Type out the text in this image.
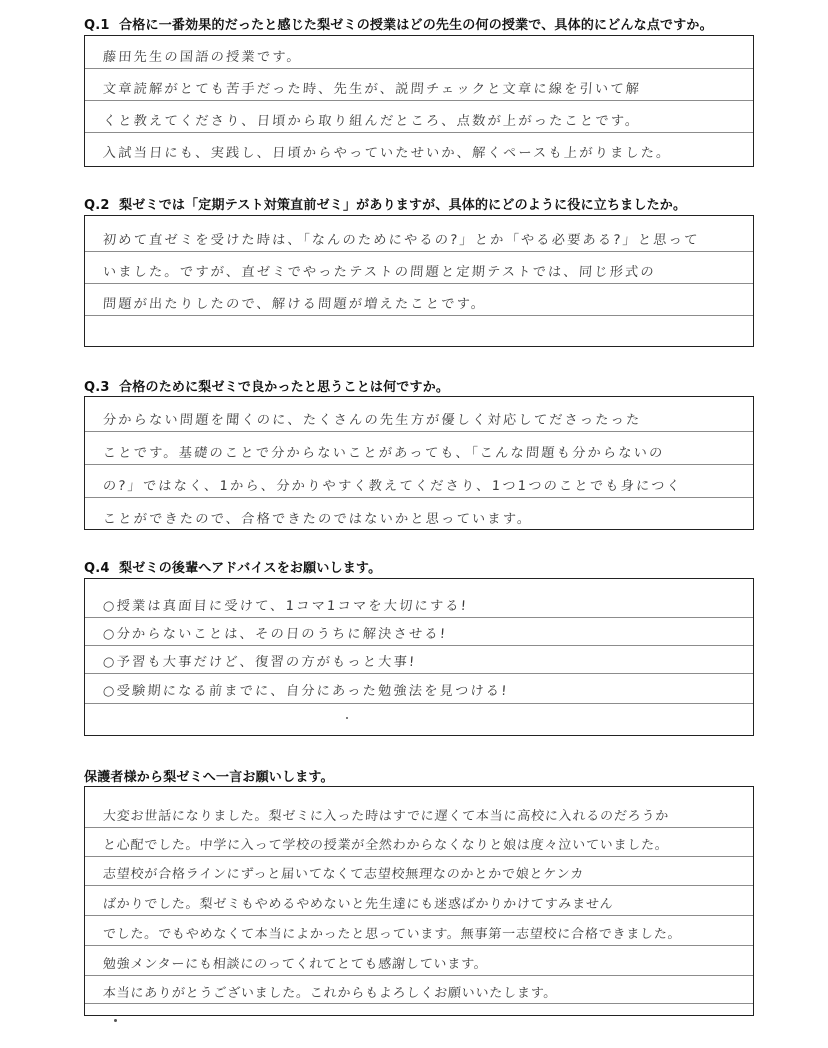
Q.1 合格に一番効果的だったと感じた梨ゼミの授業はどの先生の何の授業で、具体的にどんな点ですか。
藤田先生の国語の授業です。
文章読解がとても苦手だった時、先生が、説問チェックと文章に線を引いて解
くと教えてくださり、日頃から取り組んだところ、点数が上がったことです。
入試当日にも、実践し、日頃からやっていたせいか、解くペースも上がりました。
Q.2 梨ゼミでは「定期テスト対策直前ゼミ」がありますが、具体的にどのように役に立ちましたか。
初めて直ゼミを受けた時は、「なんのためにやるの?」とか「やる必要ある?」と思って
いました。ですが、直ゼミでやったテストの問題と定期テストでは、同じ形式の
問題が出たりしたので、解ける問題が増えたことです。
Q.3 合格のために梨ゼミで良かったと思うことは何ですか。
分からない問題を聞くのに、たくさんの先生方が優しく対応してださったった
ことです。基礎のことで分からないことがあっても、「こんな問題も分からないの
の?」ではなく、1から、分かりやすく教えてくださり、1つ1つのことでも身につく
ことができたので、合格できたのではないかと思っています。
Q.4 梨ゼミの後輩へアドバイスをお願いします。
○授業は真面目に受けて、1コマ1コマを大切にする!
○分からないことは、その日のうちに解決させる!
○予習も大事だけど、復習の方がもっと大事!
○受験期になる前までに、自分にあった勉強法を見つける!
保護者様から梨ゼミへ一言お願いします。
大変お世話になりました。梨ゼミに入った時はすでに遅くて本当に高校に入れるのだろうか
と心配でした。中学に入って学校の授業が全然わからなくなりと娘は度々泣いていました。
志望校が合格ラインにずっと届いてなくて志望校無理なのかとかで娘とケンカ
ばかりでした。梨ゼミもやめるやめないと先生達にも迷惑ばかりかけてすみません
でした。でもやめなくて本当によかったと思っています。無事第一志望校に合格できました。
勉強メンターにも相談にのってくれてとても感謝しています。
本当にありがとうございました。これからもよろしくお願いいたします。
